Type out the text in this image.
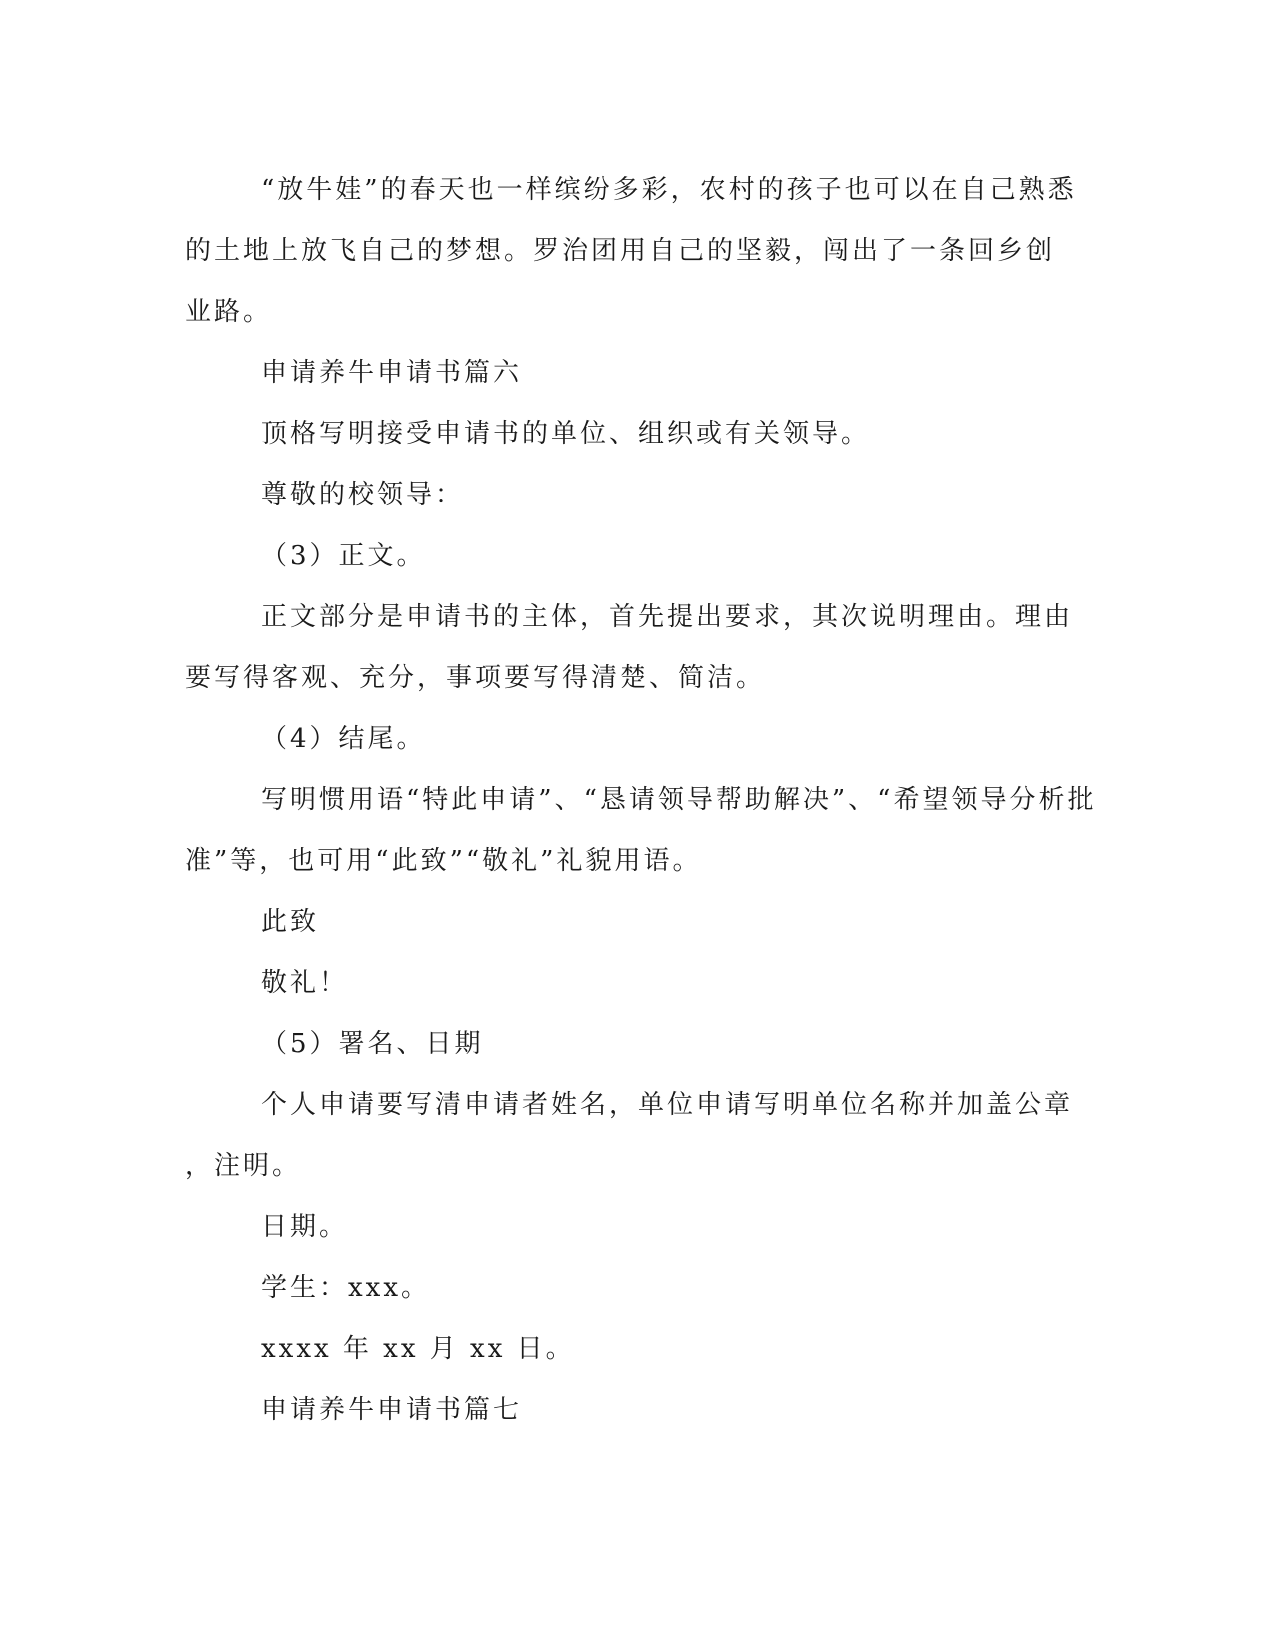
“放牛娃”的春天也一样缤纷多彩，农村的孩子也可以在自己熟悉
的土地上放飞自己的梦想。罗治团用自己的坚毅，闯出了一条回乡创
业路。
申请养牛申请书篇六
顶格写明接受申请书的单位、组织或有关领导。
尊敬的校领导：
（3）正文。
正文部分是申请书的主体，首先提出要求，其次说明理由。理由
要写得客观、充分，事项要写得清楚、简洁。
（4）结尾。
写明惯用语“特此申请”、“恳请领导帮助解决”、“希望领导分析批
准”等，也可用“此致”“敬礼”礼貌用语。
此致
敬礼！
（5）署名、日期
个人申请要写清申请者姓名，单位申请写明单位名称并加盖公章
，注明。
日期。
学生：xxx。
xxxx 年 xx 月 xx 日。
申请养牛申请书篇七
